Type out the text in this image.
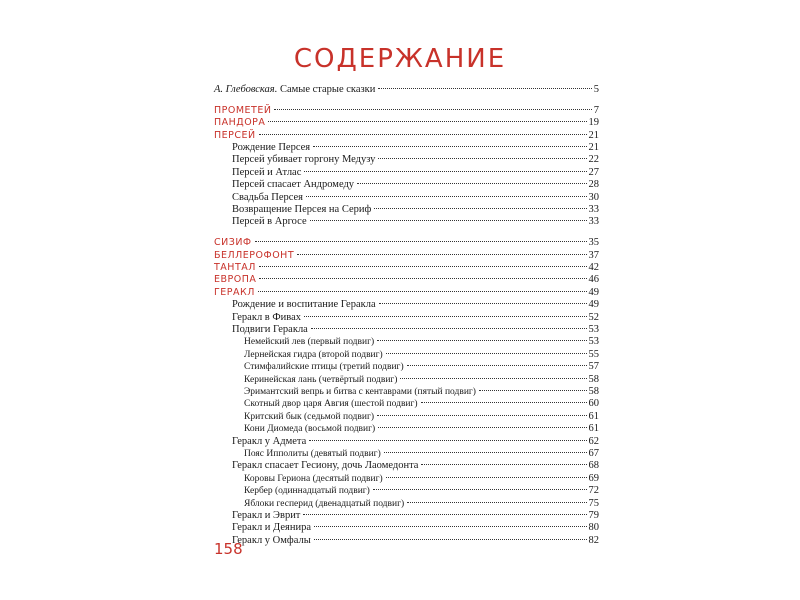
СОДЕРЖАНИЕ
А. Глебовская. Самые старые сказки	5
ПРОМЕТЕЙ	7
ПАНДОРА	19
ПЕРСЕЙ	21
Рождение Персея	21
Персей убивает горгону Медузу	22
Персей и Атлас	27
Персей спасает Андромеду	28
Свадьба Персея	30
Возвращение Персея на Сериф	33
Персей в Аргосе	33
СИЗИФ	35
БЕЛЛЕРОФОНТ	37
ТАНТАЛ	42
ЕВРОПА	46
ГЕРАКЛ	49
Рождение и воспитание Геракла	49
Геракл в Фивах	52
Подвиги Геракла	53
Немейский лев (первый подвиг)	53
Лернейская гидра (второй подвиг)	55
Стимфалийские птицы (третий подвиг)	57
Керинейская лань (четвёртый подвиг)	58
Эримантский вепрь и битва с кентаврами (пятый подвиг)	58
Скотный двор царя Авгия (шестой подвиг)	60
Критский бык (седьмой подвиг)	61
Кони Диомеда (восьмой подвиг)	61
Геракл у Адмета	62
Пояс Ипполиты (девятый подвиг)	67
Геракл спасает Гесиону, дочь Лаомедонта	68
Коровы Гериона (десятый подвиг)	69
Кербер (одиннадцатый подвиг)	72
Яблоки гесперид (двенадцатый подвиг)	75
Геракл и Эврит	79
Геракл и Деянира	80
Геракл у Омфалы	82
158
